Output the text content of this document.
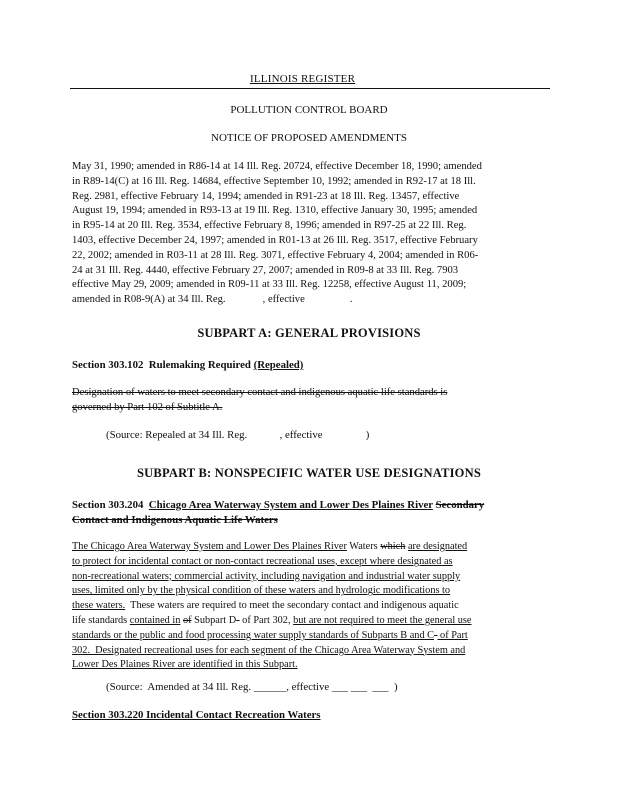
ILLINOIS REGISTER
POLLUTION CONTROL BOARD
NOTICE OF PROPOSED AMENDMENTS
May 31, 1990; amended in R86-14 at 14 Ill. Reg. 20724, effective December 18, 1990; amended
in R89-14(C) at 16 Ill. Reg. 14684, effective September 10, 1992; amended in R92-17 at 18 Ill.
Reg. 2981, effective February 14, 1994; amended in R91-23 at 18 Ill. Reg. 13457, effective
August 19, 1994; amended in R93-13 at 19 Ill. Reg. 1310, effective January 30, 1995; amended
in R95-14 at 20 Ill. Reg. 3534, effective February 8, 1996; amended in R97-25 at 22 Ill. Reg.
1403, effective December 24, 1997; amended in R01-13 at 26 Ill. Reg. 3517, effective February
22, 2002; amended in R03-11 at 28 Ill. Reg. 3071, effective February 4, 2004; amended in R06-
24 at 31 Ill. Reg. 4440, effective February 27, 2007; amended in R09-8 at 33 Ill. Reg. 7903
effective May 29, 2009; amended in R09-11 at 33 Ill. Reg. 12258, effective August 11, 2009;
amended in R08-9(A) at 34 Ill. Reg.              , effective                 .
SUBPART A: GENERAL PROVISIONS
Section 303.102 Rulemaking Required (Repealed)
Designation of waters to meet secondary contact and indigenous aquatic life standards is
governed by Part 102 of Subtitle A.
(Source: Repealed at 34 Ill. Reg.            , effective                )
SUBPART B: NONSPECIFIC WATER USE DESIGNATIONS
Section 303.204 Chicago Area Waterway System and Lower Des Plaines River Secondary
Contact and Indigenous Aquatic Life Waters
The Chicago Area Waterway System and Lower Des Plaines River Waters which are designated
to protect for incidental contact or non-contact recreational uses, except where designated as
non-recreational waters; commercial activity, including navigation and industrial water supply
uses, limited only by the physical condition of these waters and hydrologic modifications to
these waters.  These waters are required to meet the secondary contact and indigenous aquatic
life standards contained in of Subpart D- of Part 302, but are not required to meet the general use
standards or the public and food processing water supply standards of Subparts B and C- of Part
302.  Designated recreational uses for each segment of the Chicago Area Waterway System and
Lower Des Plaines River are identified in this Subpart.
(Source:  Amended at 34 Ill. Reg. ______, effective ___ ___  ___  )
Section 303.220 Incidental Contact Recreation Waters
